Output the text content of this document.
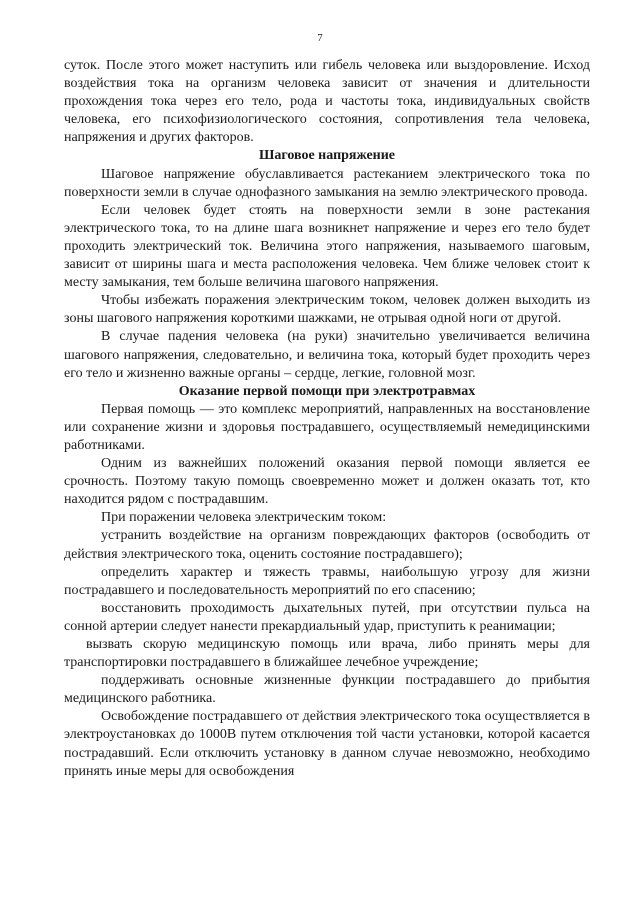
7

суток. После этого может наступить или гибель человека или выздоровление. Исход воздействия тока на организм человека зависит от значения и длительности прохождения тока через его тело, рода и частоты тока, индивидуальных свойств человека, его психофизиологического состояния, сопротивления тела человека, напряжения и других факторов.

Шаговое напряжение

Шаговое напряжение обуславливается растеканием электрического тока по поверхности земли в случае однофазного замыкания на землю электрического провода.

Если человек будет стоять на поверхности земли в зоне растекания электрического тока, то на длине шага возникнет напряжение и через его тело будет проходить электрический ток. Величина этого напряжения, называемого шаговым, зависит от ширины шага и места расположения человека. Чем ближе человек стоит к месту замыкания, тем больше величина шагового напряжения.

Чтобы избежать поражения электрическим током, человек должен выходить из зоны шагового напряжения короткими шажками, не отрывая одной ноги от другой.

В случае падения человека (на руки) значительно увеличивается величина шагового напряжения, следовательно, и величина тока, который будет проходить через его тело и жизненно важные органы – сердце, легкие, головной мозг.

Оказание первой помощи при электротравмах

Первая помощь — это комплекс мероприятий, направленных на восстановление или сохранение жизни и здоровья пострадавшего, осуществляемый немедицинскими работниками.

Одним из важнейших положений оказания первой помощи является ее срочность. Поэтому такую помощь своевременно может и должен оказать тот, кто находится рядом с пострадавшим.

При поражении человека электрическим током:

устранить воздействие на организм повреждающих факторов (освободить от действия электрического тока, оценить состояние пострадавшего);

определить характер и тяжесть травмы, наибольшую угрозу для жизни пострадавшего и последовательность мероприятий по его спасению;

восстановить проходимость дыхательных путей, при отсутствии пульса на сонной артерии следует нанести прекардиальный удар, приступить к реанимации;

вызвать скорую медицинскую помощь или врача, либо принять меры для транспортировки пострадавшего в ближайшее лечебное учреждение;

поддерживать основные жизненные функции пострадавшего до прибытия медицинского работника.

Освобождение пострадавшего от действия электрического тока осуществляется в электроустановках до 1000В путем отключения той части установки, которой касается пострадавший. Если отключить установку в данном случае невозможно, необходимо принять иные меры для освобождения
